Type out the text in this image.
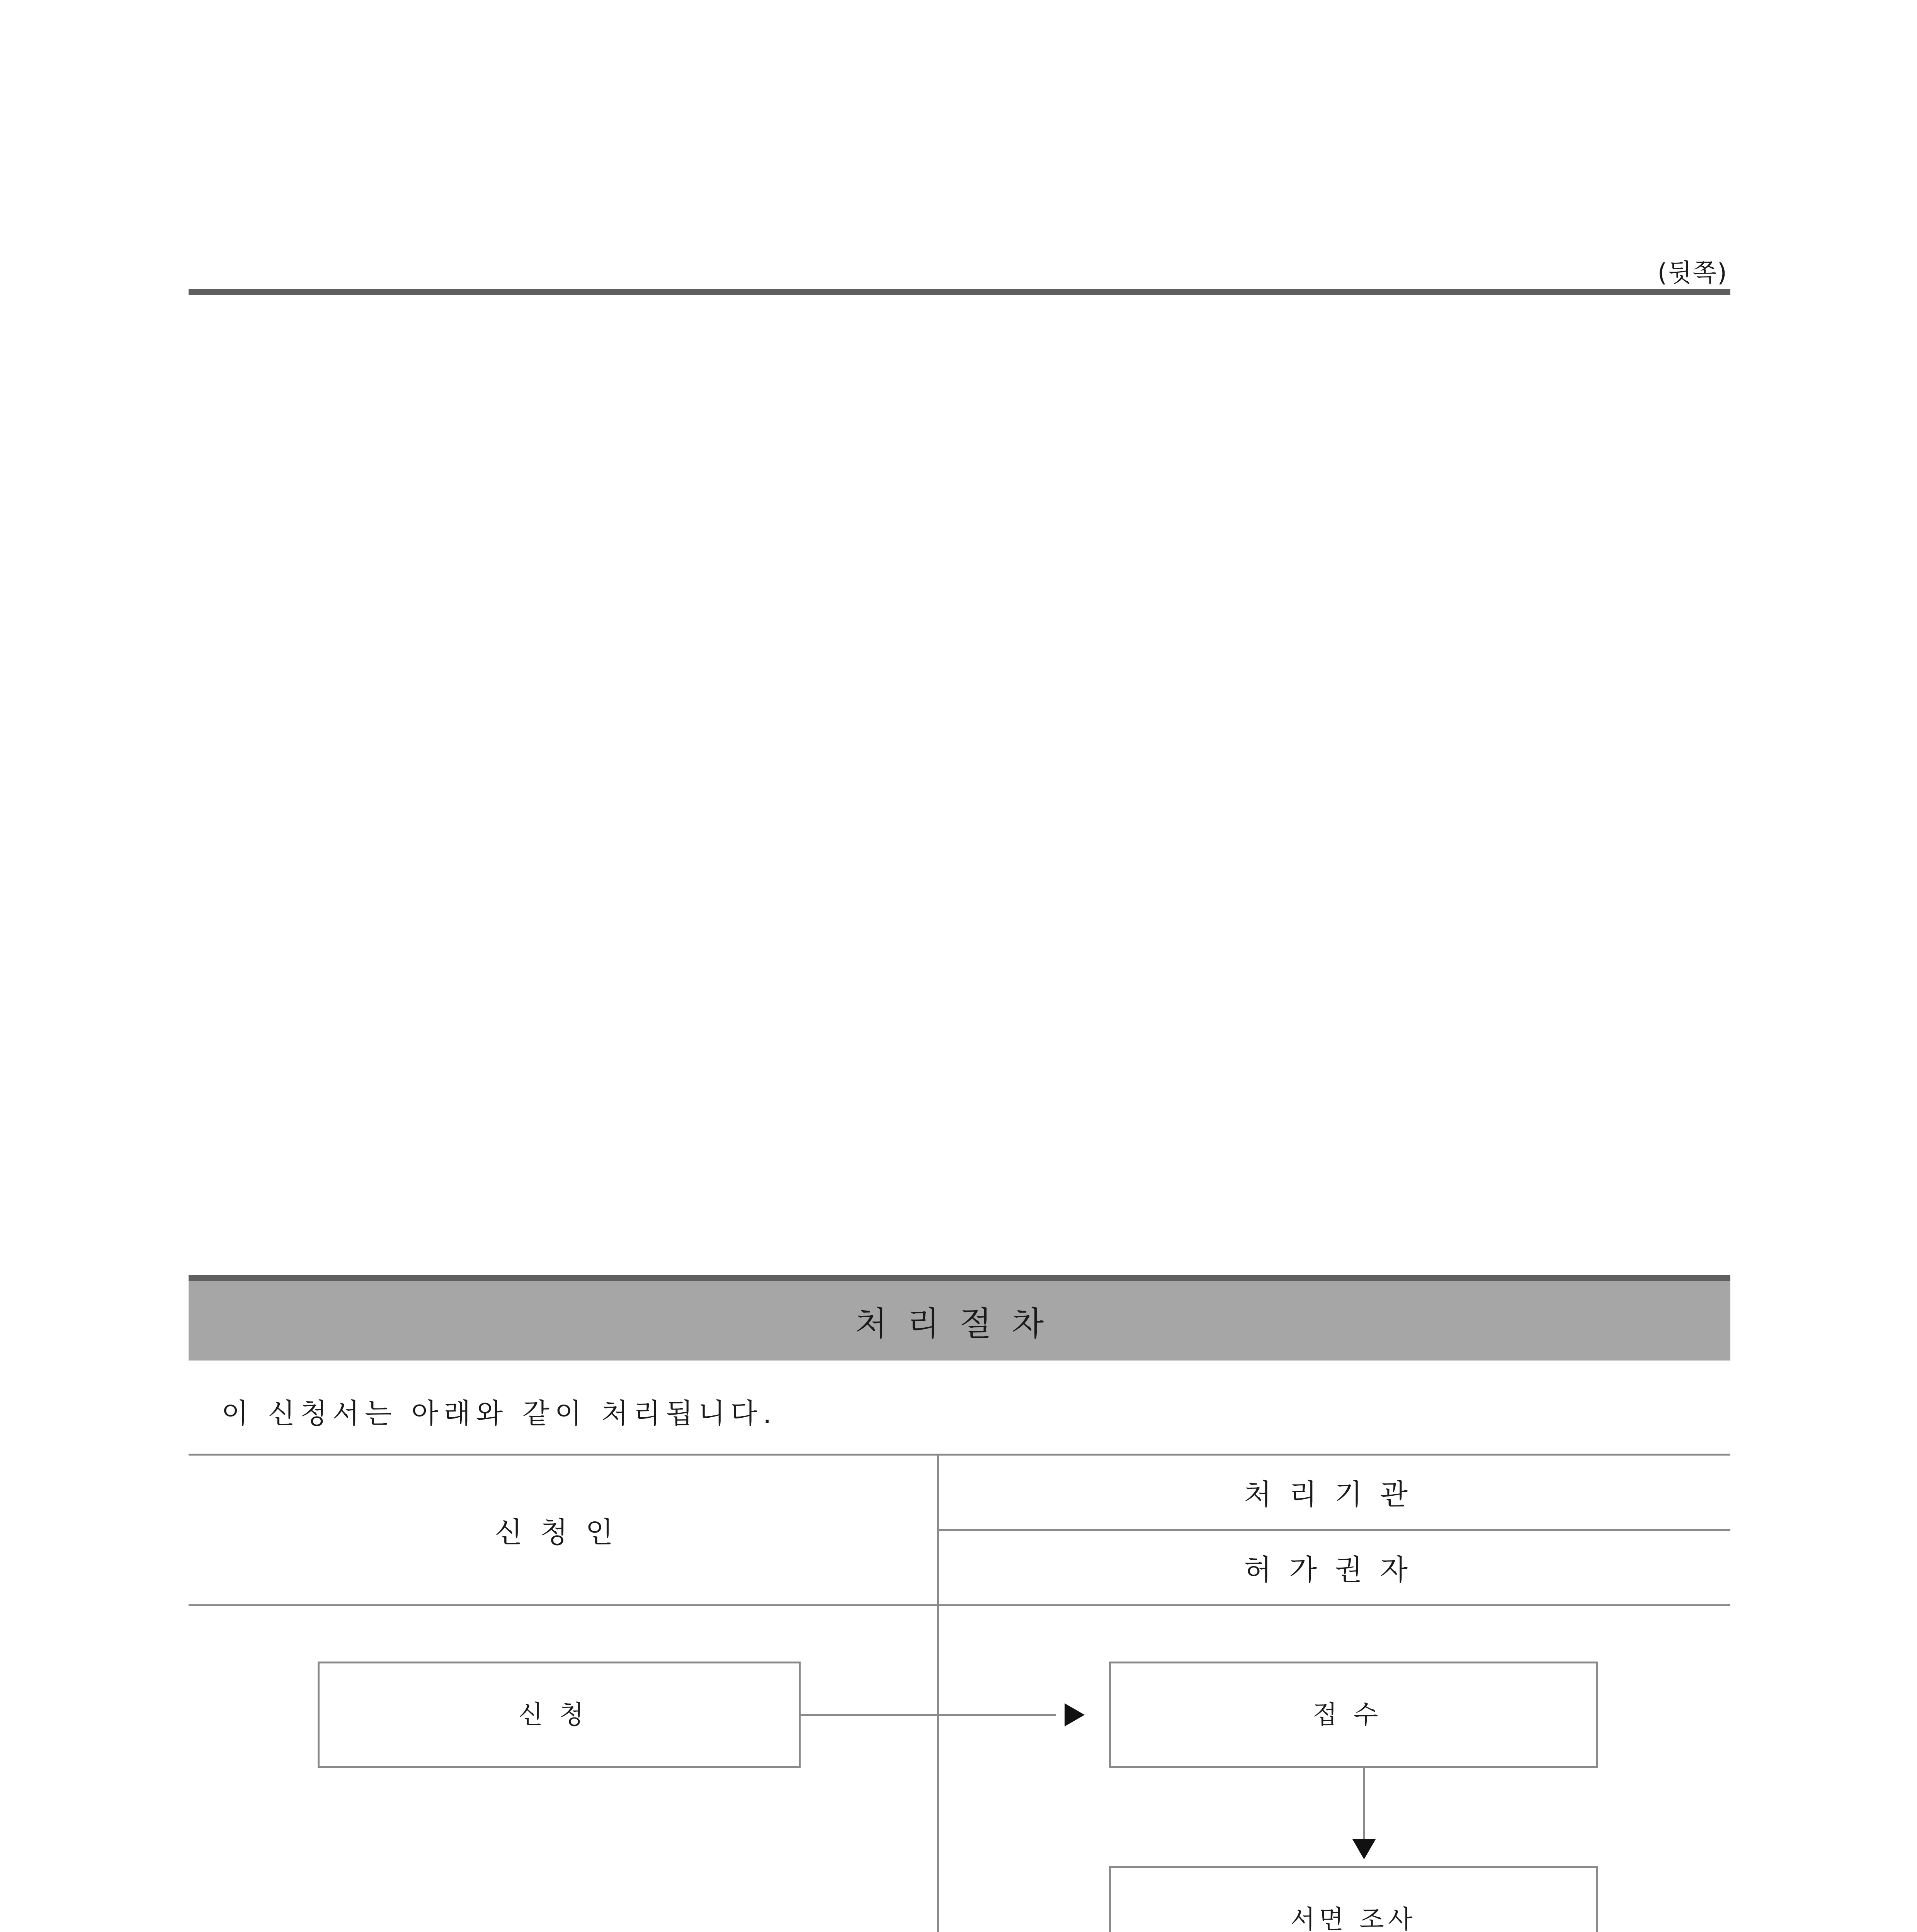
(뒷쪽)
처리절차
이 신청서는 아래와 같이 처리됩니다.
신청인
처리기관
허가권자
신청	접수
서면 조사
